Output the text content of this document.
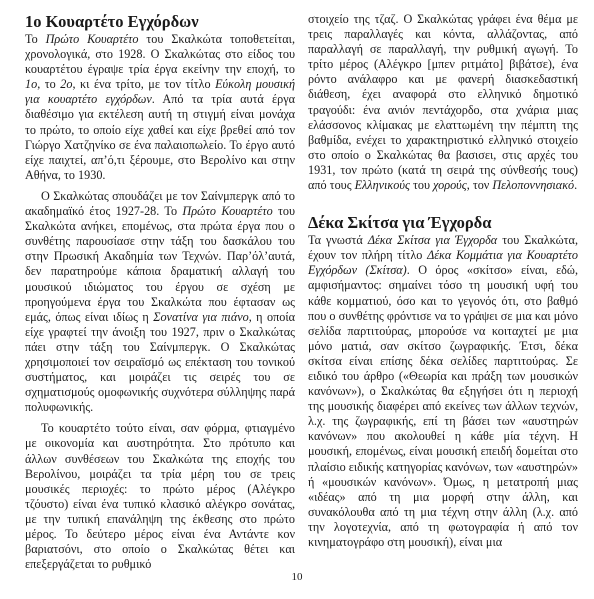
1ο Κουαρτέτο Εγχόρδων

Το Πρώτο Κουαρτέτο του Σκαλκώτα τοποθετείται, χρονολογικά, στο 1928. Ο Σκαλκώτας στο είδος του κουαρτέτου έγραψε τρία έργα εκείνην την εποχή, το 1ο, το 2ο, κι ένα τρίτο, με τον τίτλο Εύκολη μουσική για κουαρτέτο εγχόρδων. Από τα τρία αυτά έργα διαθέσιμο για εκτέλεση αυτή τη στιγμή είναι μονάχα το πρώτο, το οποίο είχε χαθεί και είχε βρεθεί από τον Γιώργο Χατζηνίκο σε ένα παλαιοπωλείο. Το έργο αυτό είχε παιχτεί, απ’ό,τι ξέρουμε, στο Βερολίνο και στην Αθήνα, το 1930.

Ο Σκαλκώτας σπουδάζει με τον Σαίνμπεργκ από το ακαδημαϊκό έτος 1927-28. Το Πρώτο Κουαρτέτο του Σκαλκώτα ανήκει, επομένως, στα πρώτα έργα που ο συνθέτης παρουσίασε στην τάξη του δασκάλου του στην Πρωσική Ακαδημία των Τεχνών. Παρ’όλ’αυτά, δεν παρατηρούμε κάποια δραματική αλλαγή του μουσικού ιδιώματος του έργου σε σχέση με προηγούμενα έργα του Σκαλκώτα που έφτασαν ως εμάς, όπως είναι ιδίως η Σονατίνα για πιάνο, η οποία είχε γραφτεί την άνοιξη του 1927, πριν ο Σκαλκώτας πάει στην τάξη του Σαίνμπεργκ. Ο Σκαλκώτας χρησιμοποιεί τον σειραϊσμό ως επέκταση του τονικού συστήματος, και μοιράζει τις σειρές του σε σχηματισμούς ομοφωνικής συχνότερα σύλληψης παρά πολυφωνικής.

Το κουαρτέτο τούτο είναι, σαν φόρμα, φτιαγμένο με οικονομία και αυστηρότητα. Στο πρότυπο και άλλων συνθέσεων του Σκαλκώτα της εποχής του Βερολίνου, μοιράζει τα τρία μέρη του σε τρεις μουσικές περιοχές: το πρώτο μέρος (Αλέγκρο τζόυστο) είναι ένα τυπικό κλασικό αλέγκρο σονάτας, με την τυπική επανάληψη της έκθεσης στο πρώτο μέρος. Το δεύτερο μέρος είναι ένα Αντάντε κον βαριατσόνι, στο οποίο ο Σκαλκώτας θέτει και επεξεργάζεται το ρυθμικό

στοιχείο της τζαζ. Ο Σκαλκώτας γράφει ένα θέμα με τρεις παραλλαγές και κόντα, αλλάζοντας, από παραλλαγή σε παραλλαγή, την ρυθμική αγωγή. Το τρίτο μέρος (Αλέγκρο [μπεν ριτμάτο] βιβάτσε), ένα ρόντο ανάλαφρο και με φανερή διασκεδαστική διάθεση, έχει αναφορά στο ελληνικό δημοτικό τραγούδι: ένα ανιόν πεντάχορδο, στα χνάρια μιας ελάσσονος κλίμακας με ελαττωμένη την πέμπτη της βαθμίδα, ενέχει το χαρακτηριστικό ελληνικό στοιχείο στο οποίο ο Σκαλκώτας θα βασισει, στις αρχές του 1931, τον πρώτο (κατά τη σειρά της σύνθεσής τους) από τους Ελληνικούς του χορούς, τον Πελοποννησιακό.

Δέκα Σκίτσα για Έγχορδα

Τα γνωστά Δέκα Σκίτσα για Έγχορδα του Σκαλκώτα, έχουν τον πλήρη τίτλο Δέκα Κομμάτια για Κουαρτέτο Εγχόρδων (Σκίτσα). Ο όρος «σκίτσο» είναι, εδώ, αμφισήμαντος: σημαίνει τόσο τη μουσική υφή του κάθε κομματιού, όσο και το γεγονός ότι, στο βαθμό που ο συνθέτης φρόντισε να το γράψει σε μια και μόνο σελίδα παρτιτούρας, μπορούσε να κοιταχτεί με μια μόνο ματιά, σαν σκίτσο ζωγραφικής. Έτσι, δέκα σκίτσα είναι επίσης δέκα σελίδες παρτιτούρας. Σε ειδικό του άρθρο («Θεωρία και πράξη των μουσικών κανόνων»), ο Σκαλκώτας θα εξηγήσει ότι η περιοχή της μουσικής διαφέρει από εκείνες των άλλων τεχνών, λ.χ. της ζωγραφικής, επί τη βάσει των «αυστηρών κανόνων» που ακολουθεί η κάθε μία τέχνη. Η μουσική, επομένως, είναι μουσική επειδή δομείται στο πλαίσιο ειδικής κατηγορίας κανόνων, των «αυστηρών» ή «μουσικών κανόνων». Όμως, η μετατροπή μιας «ιδέας» από τη μια μορφή στην άλλη, και συνακόλουθα από τη μια τέχνη στην άλλη (λ.χ. από την λογοτεχνία, από τη φωτογραφία ή από τον κινηματογράφο στη μουσική), είναι μια

10
